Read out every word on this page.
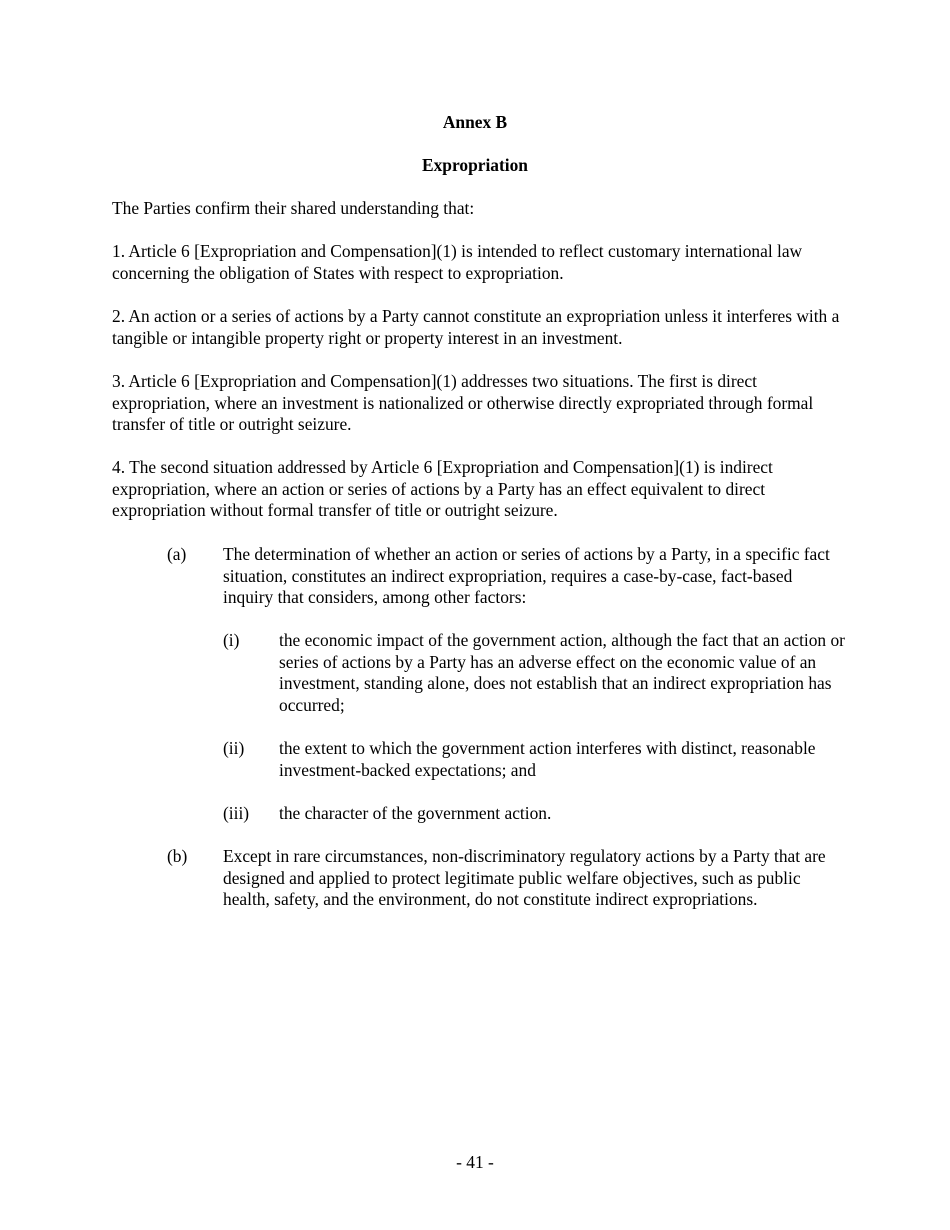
Annex B

Expropriation

The Parties confirm their shared understanding that:

1. Article 6 [Expropriation and Compensation](1) is intended to reflect customary international law concerning the obligation of States with respect to expropriation.

2. An action or a series of actions by a Party cannot constitute an expropriation unless it interferes with a tangible or intangible property right or property interest in an investment.

3. Article 6 [Expropriation and Compensation](1) addresses two situations. The first is direct expropriation, where an investment is nationalized or otherwise directly expropriated through formal transfer of title or outright seizure.

4. The second situation addressed by Article 6 [Expropriation and Compensation](1) is indirect expropriation, where an action or series of actions by a Party has an effect equivalent to direct expropriation without formal transfer of title or outright seizure.

(a) The determination of whether an action or series of actions by a Party, in a specific fact situation, constitutes an indirect expropriation, requires a case-by-case, fact-based inquiry that considers, among other factors:
(i) the economic impact of the government action, although the fact that an action or series of actions by a Party has an adverse effect on the economic value of an investment, standing alone, does not establish that an indirect expropriation has occurred;
(ii) the extent to which the government action interferes with distinct, reasonable investment-backed expectations; and
(iii) the character of the government action.
(b) Except in rare circumstances, non-discriminatory regulatory actions by a Party that are designed and applied to protect legitimate public welfare objectives, such as public health, safety, and the environment, do not constitute indirect expropriations.

- 41 -
